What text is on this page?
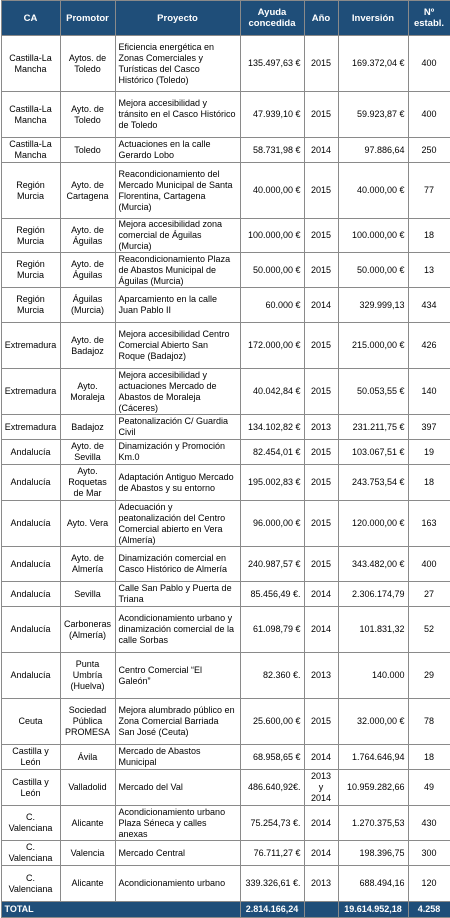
CA	Promotor	Proyecto	Ayuda concedida	Año	Inversión	Nº establ.
Castilla-La Mancha	Aytos. de Toledo	Eficiencia energética en Zonas Comerciales y Turísticas del Casco Histórico (Toledo)	135.497,63 €	2015	169.372,04 €	400
Castilla-La Mancha	Ayto. de Toledo	Mejora accesibilidad y tránsito en el Casco Histórico de Toledo	47.939,10 €	2015	59.923,87 €	400
Castilla-La Mancha	Toledo	Actuaciones en la calle Gerardo Lobo	58.731,98 €	2014	97.886,64	250
Región Murcia	Ayto. de Cartagena	Reacondicionamiento del Mercado Municipal de Santa Florentina, Cartagena (Murcia)	40.000,00 €	2015	40.000,00 €	77
Región Murcia	Ayto. de Águilas	Mejora accesibilidad zona comercial de Águilas (Murcia)	100.000,00 €	2015	100.000,00 €	18
Región Murcia	Ayto. de Águilas	Reacondicionamiento Plaza de Abastos Municipal de Águilas (Murcia)	50.000,00 €	2015	50.000,00 €	13
Región Murcia	Águilas (Murcia)	Aparcamiento en la calle Juan Pablo II	60.000 €	2014	329.999,13	434
Extremadura	Ayto. de Badajoz	Mejora accesibilidad Centro Comercial Abierto San Roque (Badajoz)	172.000,00 €	2015	215.000,00 €	426
Extremadura	Ayto. Moraleja	Mejora accesibilidad y actuaciones Mercado de Abastos de Moraleja (Cáceres)	40.042,84 €	2015	50.053,55 €	140
Extremadura	Badajoz	Peatonalización C/ Guardia Civil	134.102,82 €	2013	231.211,75 €	397
Andalucía	Ayto. de Sevilla	Dinamización y Promoción Km.0	82.454,01 €	2015	103.067,51 €	19
Andalucía	Ayto. Roquetas de Mar	Adaptación Antiguo Mercado de Abastos y su entorno	195.002,83 €	2015	243.753,54 €	18
Andalucía	Ayto. Vera	Adecuación y peatonalización del Centro Comercial abierto en Vera (Almería)	96.000,00 €	2015	120.000,00 €	163
Andalucía	Ayto. de Almería	Dinamización comercial en Casco Histórico de Almería	240.987,57 €	2015	343.482,00 €	400
Andalucía	Sevilla	Calle San Pablo y Puerta de Triana	85.456,49 €.	2014	2.306.174,79	27
Andalucía	Carboneras (Almería)	Acondicionamiento urbano y dinamización comercial de la calle Sorbas	61.098,79 €	2014	101.831,32	52
Andalucía	Punta Umbría (Huelva)	Centro Comercial “El Galeón”	82.360 €.	2013	140.000	29
Ceuta	Sociedad Pública PROMESA	Mejora alumbrado público en Zona Comercial Barriada San José (Ceuta)	25.600,00 €	2015	32.000,00 €	78
Castilla y León	Ávila	Mercado de Abastos Municipal	68.958,65 €	2014	1.764.646,94	18
Castilla y León	Valladolid	Mercado del Val	486.640,92€.	2013 y 2014	10.959.282,66	49
C. Valenciana	Alicante	Acondicionamiento urbano Plaza Séneca y calles anexas	75.254,73 €.	2014	1.270.375,53	430
C. Valenciana	Valencia	Mercado Central	76.711,27 €	2014	198.396,75	300
C. Valenciana	Alicante	Acondicionamiento urbano	339.326,61 €.	2013	688.494,16	120
TOTAL			2.814.166,24		19.614.952,18	4.258
